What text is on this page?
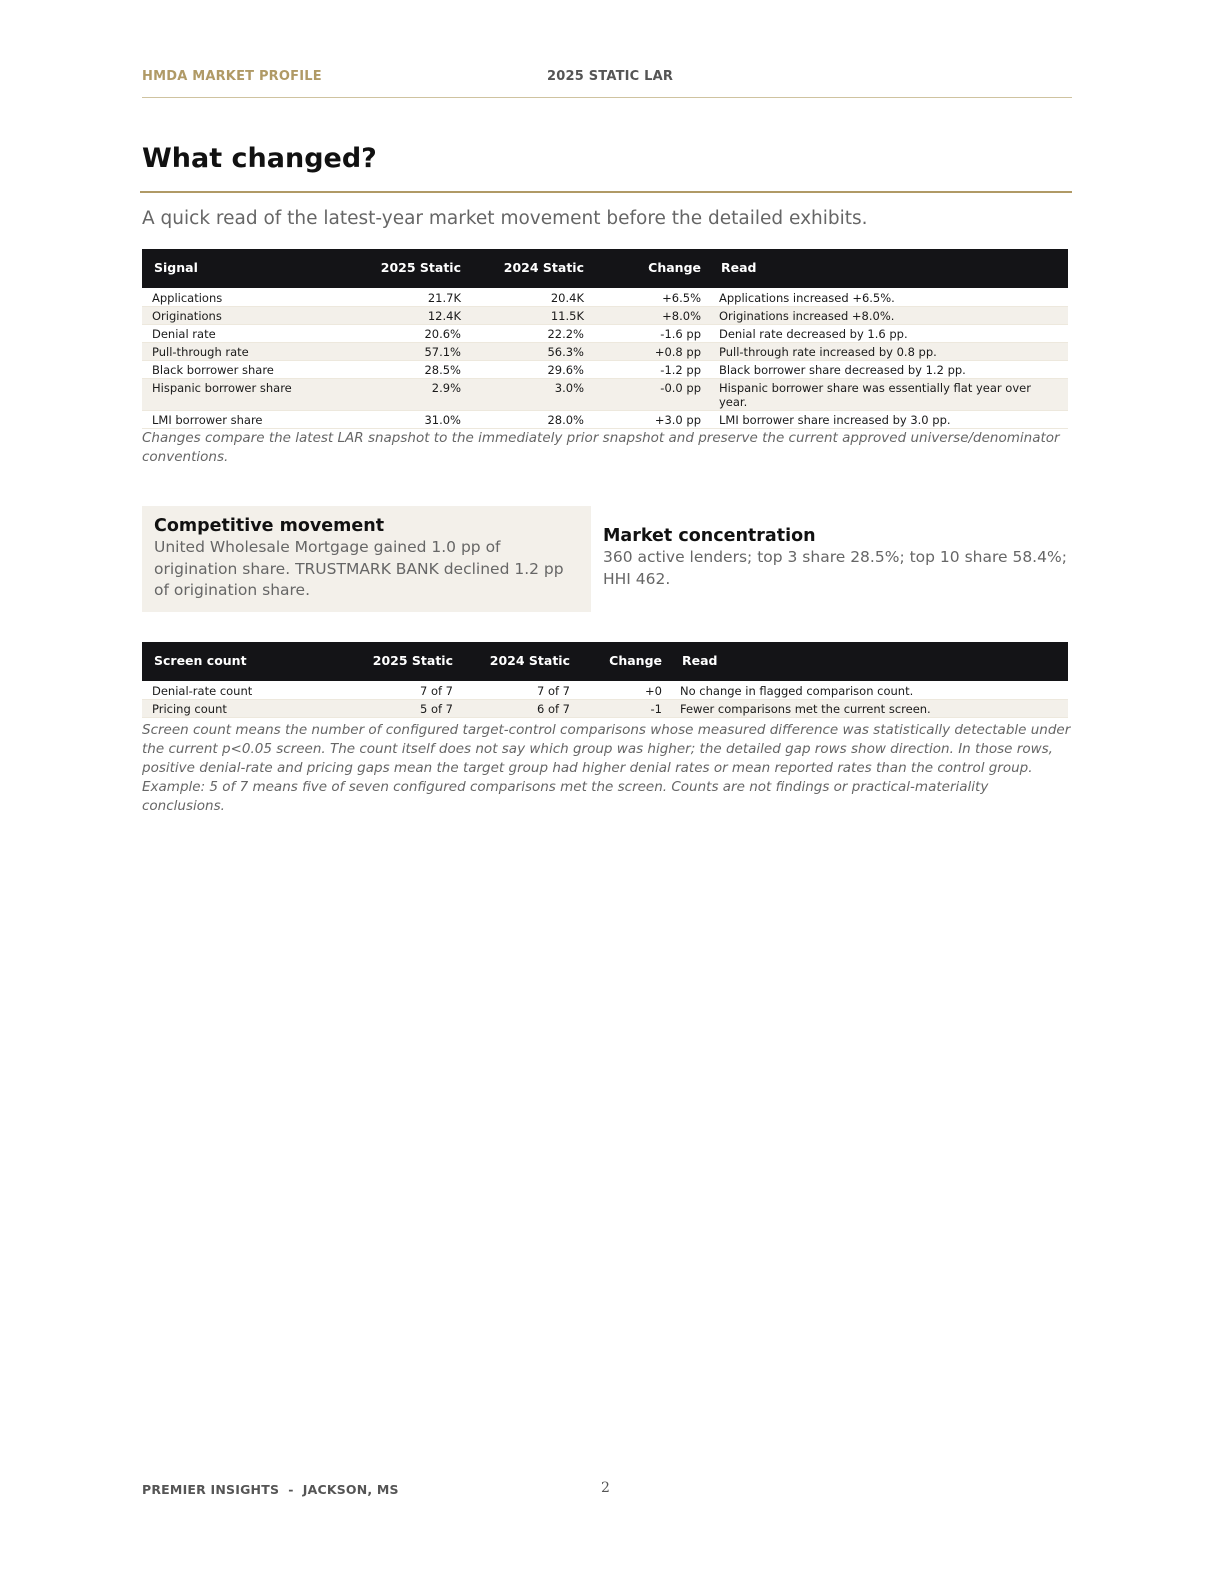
HMDA MARKET PROFILE	2025 STATIC LAR
What changed?
A quick read of the latest-year market movement before the detailed exhibits.
Signal	2025 Static	2024 Static	Change	Read
Applications	21.7K	20.4K	+6.5%	Applications increased +6.5%.
Originations	12.4K	11.5K	+8.0%	Originations increased +8.0%.
Denial rate	20.6%	22.2%	-1.6 pp	Denial rate decreased by 1.6 pp.
Pull-through rate	57.1%	56.3%	+0.8 pp	Pull-through rate increased by 0.8 pp.
Black borrower share	28.5%	29.6%	-1.2 pp	Black borrower share decreased by 1.2 pp.
Hispanic borrower share	2.9%	3.0%	-0.0 pp	Hispanic borrower share was essentially flat year over year.
LMI borrower share	31.0%	28.0%	+3.0 pp	LMI borrower share increased by 3.0 pp.
Changes compare the latest LAR snapshot to the immediately prior snapshot and preserve the current approved universe/denominator conventions.
Competitive movement

United Wholesale Mortgage gained 1.0 pp of origination share. TRUSTMARK BANK declined 1.2 pp of origination share.

Market concentration

360 active lenders; top 3 share 28.5%; top 10 share 58.4%; HHI 462.

Screen count	2025 Static	2024 Static	Change	Read
Denial-rate count	7 of 7	7 of 7	+0	No change in flagged comparison count.
Pricing count	5 of 7	6 of 7	-1	Fewer comparisons met the current screen.
Screen count means the number of configured target-control comparisons whose measured difference was statistically detectable under the current p<0.05 screen. The count itself does not say which group was higher; the detailed gap rows show direction. In those rows, positive denial-rate and pricing gaps mean the target group had higher denial rates or mean reported rates than the control group. Example: 5 of 7 means five of seven configured comparisons met the screen. Counts are not findings or practical-materiality conclusions.
PREMIER INSIGHTS  -  JACKSON, MS	2
